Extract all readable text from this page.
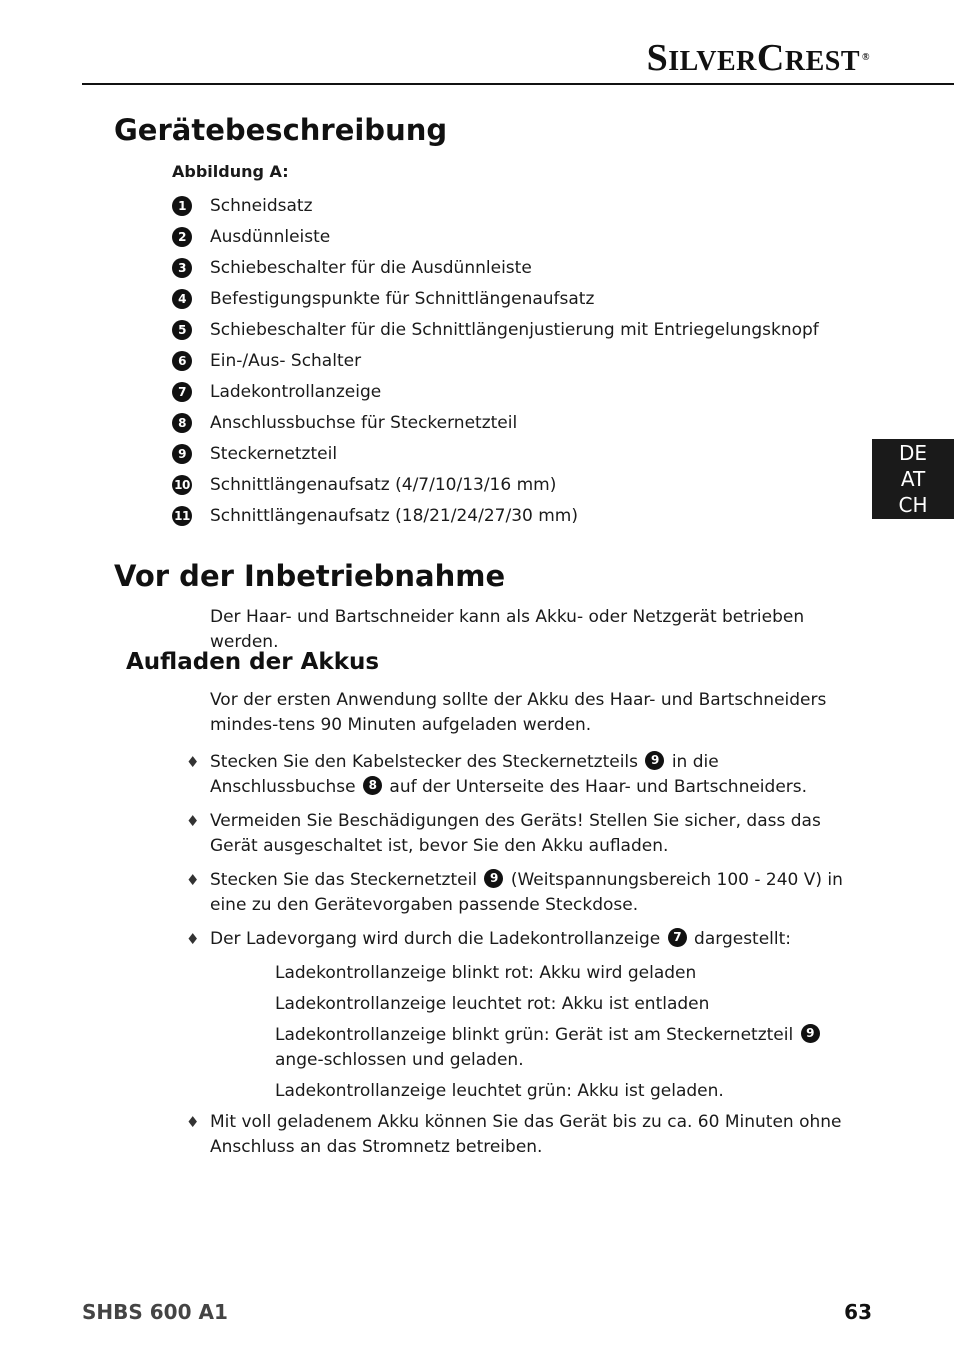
SILVERCREST ®
DE
AT
CH
Gerätebeschreibung

Abbildung A:

1	Schneidsatz
2	Ausdünnleiste
3	Schiebeschalter für die Ausdünnleiste
4	Befestigungspunkte für Schnittlängenaufsatz
5	Schiebeschalter für die Schnittlängenjustierung mit Entriegelungsknopf
6	Ein-/Aus- Schalter
7	Ladekontrollanzeige
8	Anschlussbuchse für Steckernetzteil
9	Steckernetzteil
10 Schnittlängenaufsatz (4/7/10/13/16 mm)
11 Schnittlängenaufsatz (18/21/24/27/30 mm)
Vor der Inbetriebnahme

Der Haar- und Bartschneider kann als Akku- oder Netzgerät betrieben werden.

Aufladen der Akkus

Vor der ersten Anwendung sollte der Akku des Haar- und Bartschneiders mindes-tens 90 Minuten aufgeladen werden.

♦ Stecken Sie den Kabelstecker des Steckernetzteils 9 in die Anschlussbuchse 8 auf der Unterseite des Haar- und Bartschneiders.
♦ Vermeiden Sie Beschädigungen des Geräts! Stellen Sie sicher, dass das Gerät ausgeschaltet ist, bevor Sie den Akku aufladen.
♦ Stecken Sie das Steckernetzteil 9 (Weitspannungsbereich 100 - 240 V) in eine zu den Gerätevorgaben passende Steckdose.
♦ Der Ladevorgang wird durch die Ladekontrollanzeige 7 dargestellt:

Ladekontrollanzeige blinkt rot: Akku wird geladen

Ladekontrollanzeige leuchtet rot: Akku ist entladen

Ladekontrollanzeige blinkt grün: Gerät ist am Steckernetzteil 9 ange-schlossen und geladen.

Ladekontrollanzeige leuchtet grün: Akku ist geladen.

♦ Mit voll geladenem Akku können Sie das Gerät bis zu ca. 60 Minuten ohne Anschluss an das Stromnetz betreiben.
SHBS 600 A1	63
